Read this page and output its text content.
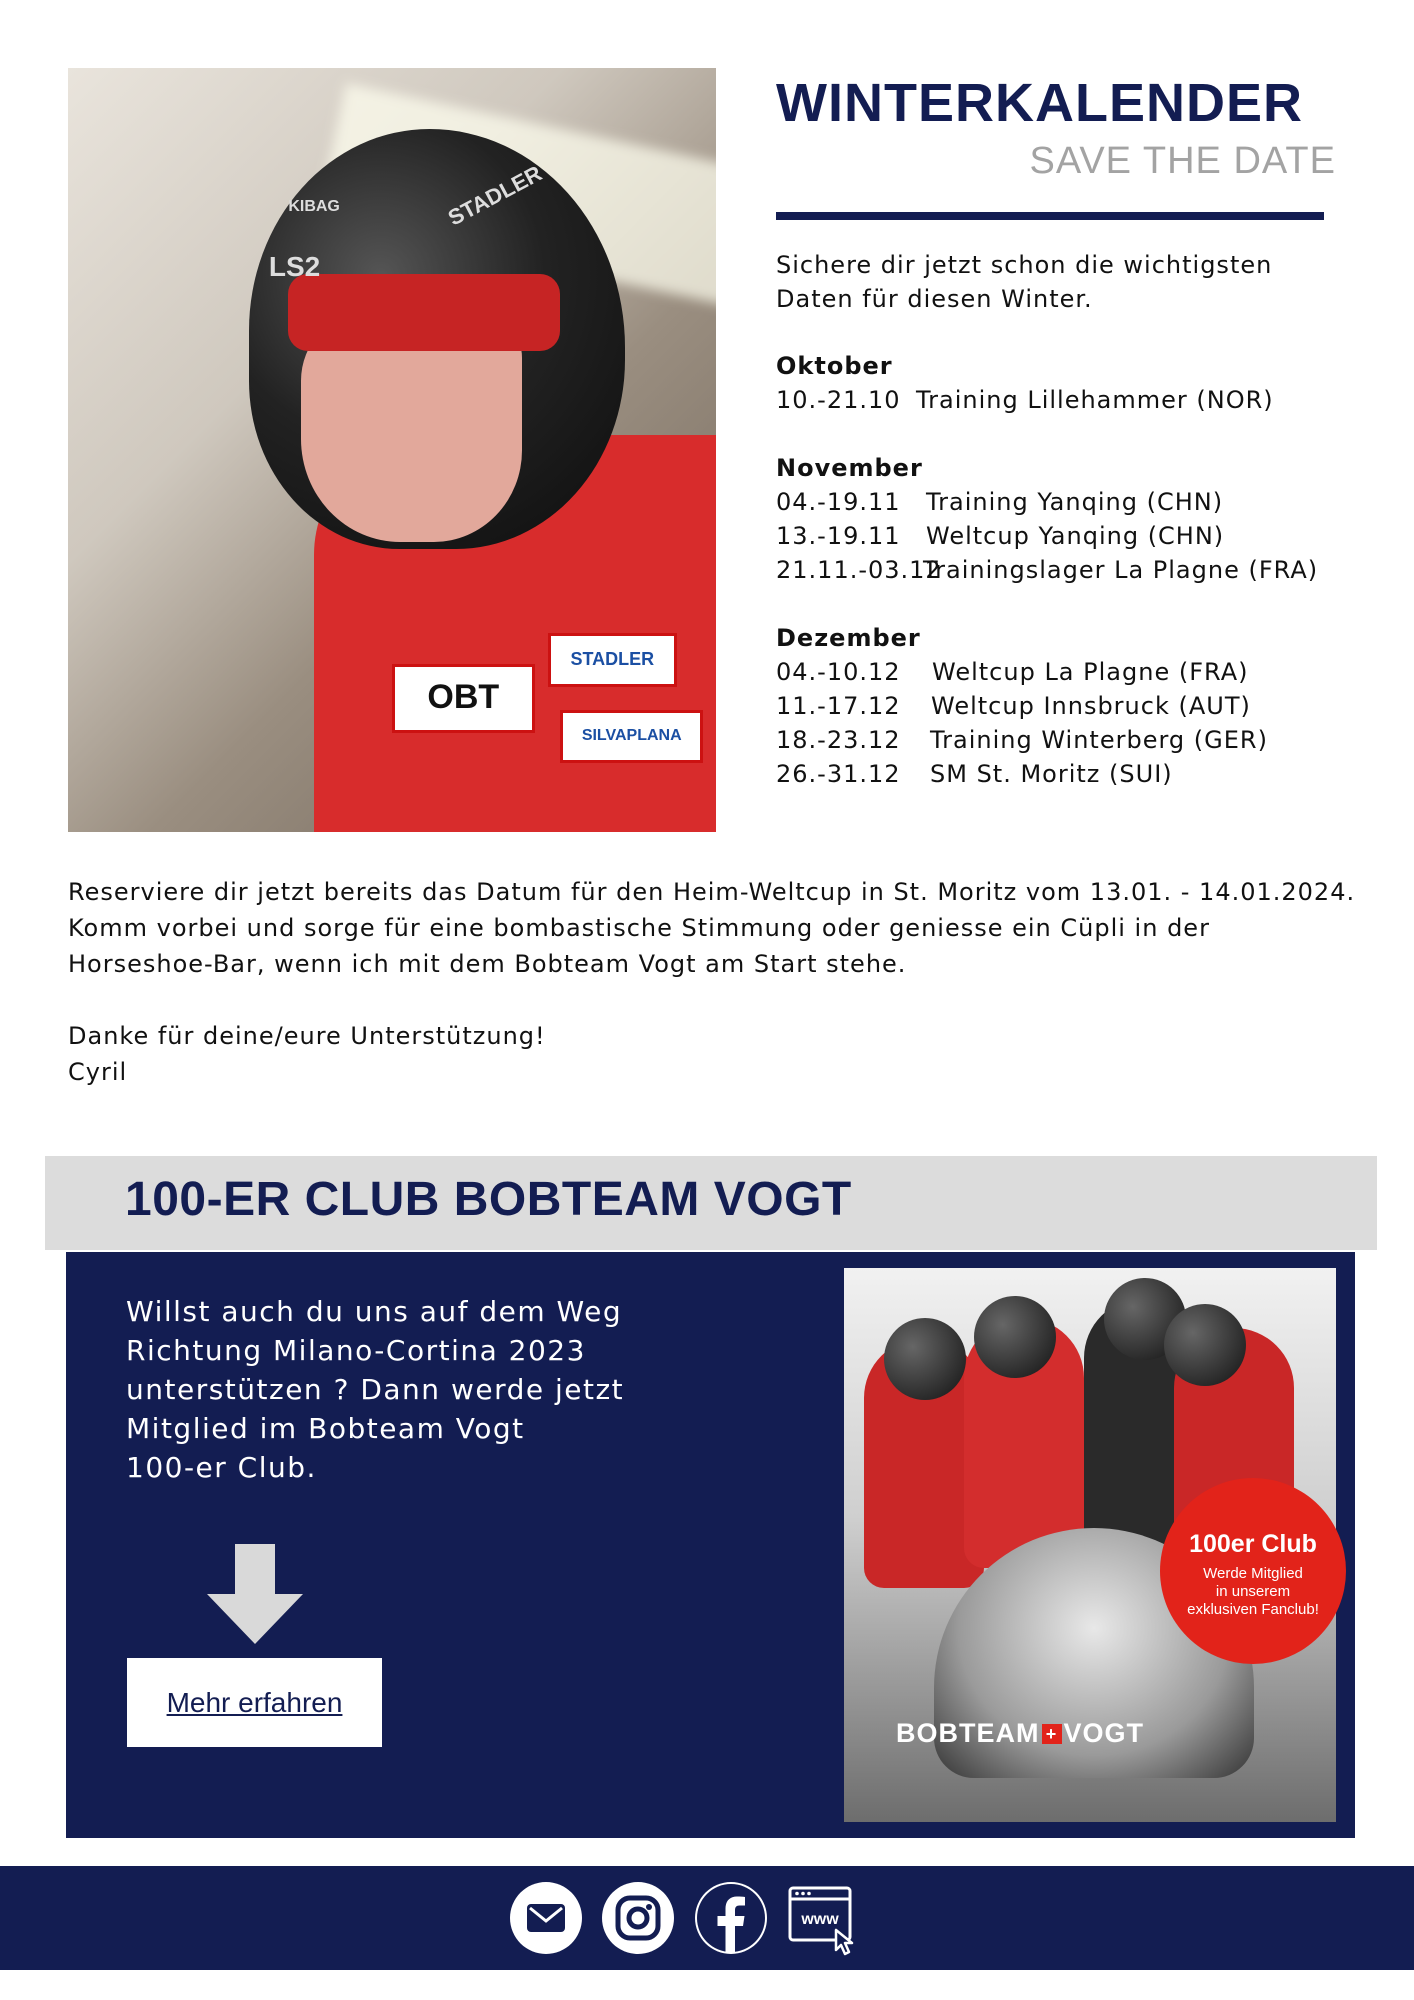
OBT
STADLER
SILVAPLANA
KIBAG
LS2
STADLER
WINTERKALENDER
SAVE THE DATE
Sichere dir jetzt schon die wichtigsten Daten für diesen Winter.
Oktober
10.-21.10 Training Lillehammer (NOR)
November
04.-19.11 Training Yanqing (CHN)
13.-19.11 Weltcup Yanqing (CHN)
21.11.-03.12
Trainingslager La Plagne (FRA)
Dezember
04.-10.12 Weltcup La Plagne (FRA)
11.-17.12 Weltcup Innsbruck (AUT)
18.-23.12 Training Winterberg (GER)
26.-31.12 SM St. Moritz (SUI)
Reserviere dir jetzt bereits das Datum für den Heim-Weltcup in St. Moritz vom 13.01. - 14.01.2024.
Komm vorbei und sorge für eine bombastische Stimmung oder geniesse ein Cüpli in der
Horseshoe-Bar, wenn ich mit dem Bobteam Vogt am Start stehe.
Danke für deine/eure Unterstützung!
Cyril
100-ER CLUB BOBTEAM VOGT
Willst auch du uns auf dem Weg
Richtung Milano-Cortina 2023
unterstützen ? Dann werde jetzt
Mitglied im Bobteam Vogt
100-er Club.
Mehr erfahren
100er Club
Werde Mitglied
in unserem
exklusiven Fanclub!
BOBTEAM + VOGT
www
